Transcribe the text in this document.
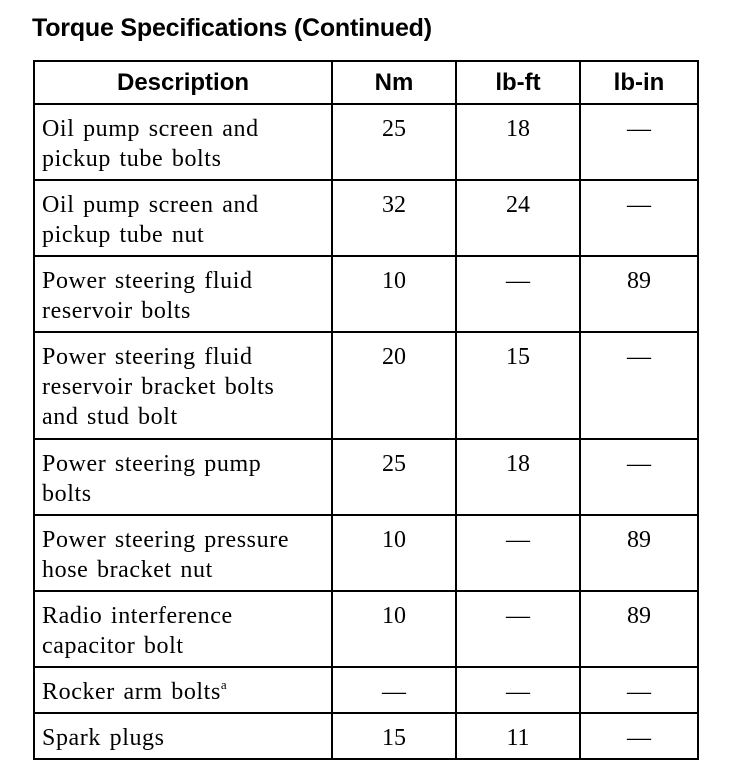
Torque Specifications (Continued)
Description	Nm	lb-ft	lb-in
Oil pump screen and
pickup tube bolts	25	18	—
Oil pump screen and
pickup tube nut	32	24	—
Power steering fluid
reservoir bolts	10	—	89
Power steering fluid
reservoir bracket bolts
and stud bolt	20	15	—
Power steering pump
bolts	25	18	—
Power steering pressure
hose bracket nut	10	—	89
Radio interference
capacitor bolt	10	—	89
Rocker arm bolts$^a$	—	—	—
Spark plugs	15	11	—
